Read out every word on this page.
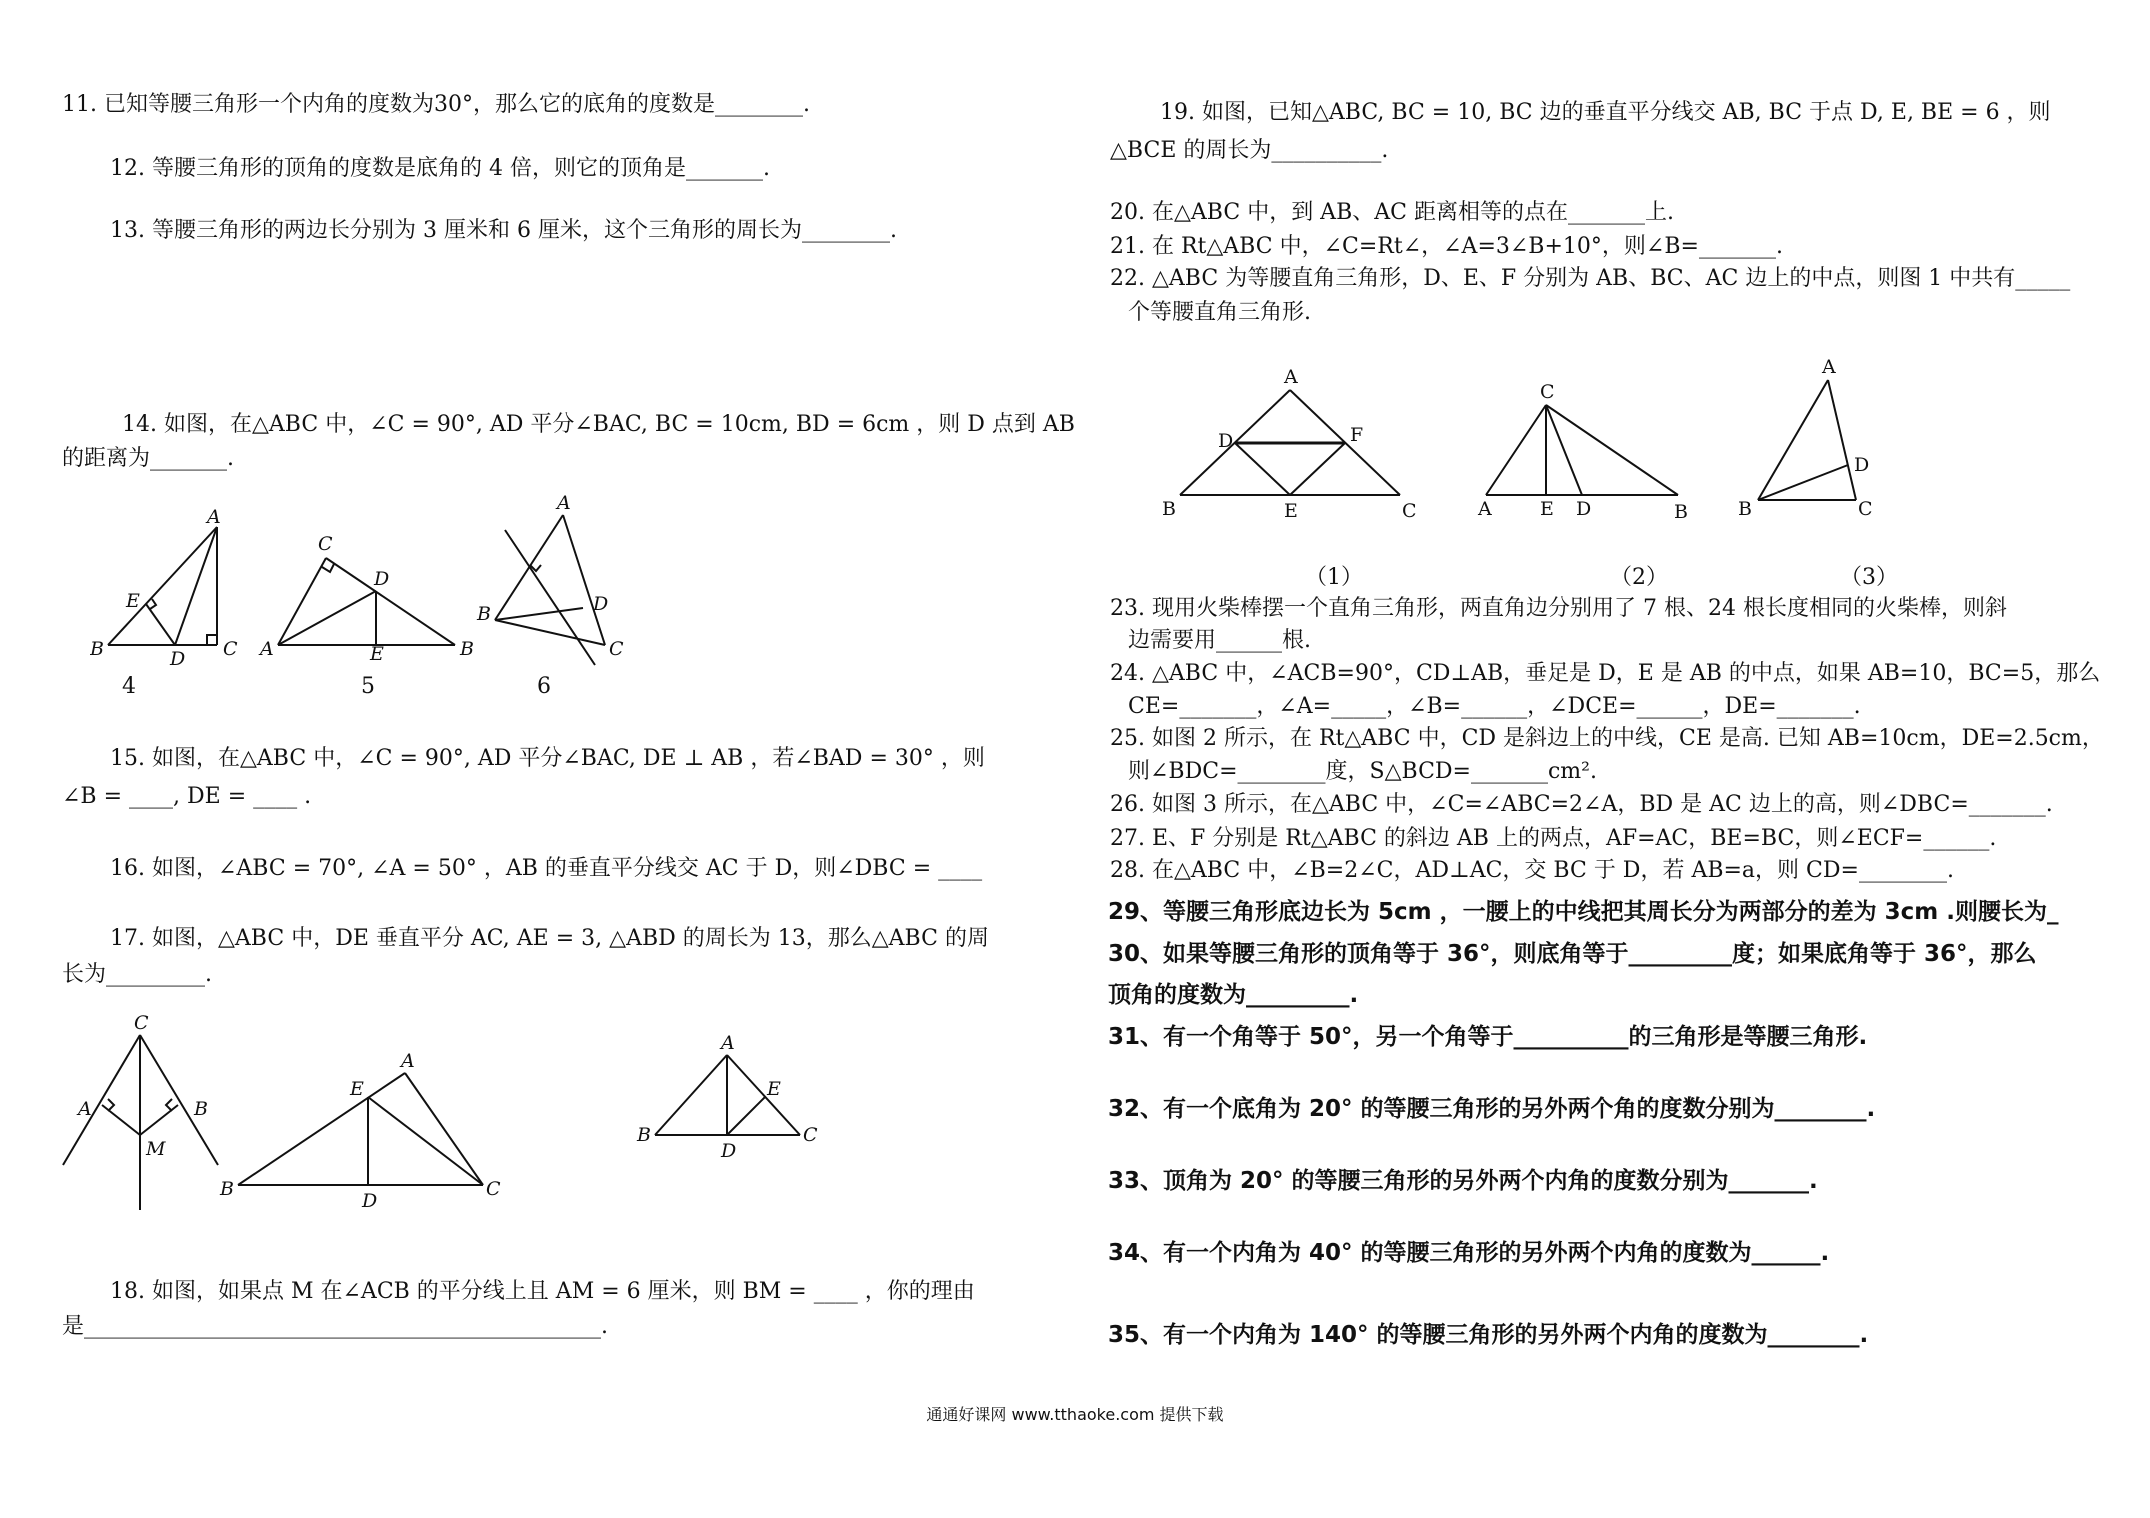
11. 已知等腰三角形一个内角的度数为30°，那么它的底角的度数是________.
12. 等腰三角形的顶角的度数是底角的 4 倍，则它的顶角是_______.
13. 等腰三角形的两边长分别为 3 厘米和 6 厘米，这个三角形的周长为________.
14. 如图，在△ABC 中，∠C = 90°, AD 平分∠BAC, BC = 10cm, BD = 6cm ，则 D 点到 AB
的距离为_______.
A
B	C
D
E
C
D
A	B
E
A
B
C
D
4	5	6
15. 如图，在△ABC 中，∠C = 90°, AD 平分∠BAC, DE ⊥ AB ，若∠BAD = 30° ，则
∠B = ____, DE = ____ .
16. 如图，∠ABC = 70°, ∠A = 50° ，AB 的垂直平分线交 AC 于 D，则∠DBC = ____
17. 如图，△ABC 中，DE 垂直平分 AC, AE = 3, △ABD 的周长为 13，那么△ABC 的周
长为_________.
C
A	B
M
A
E
B	C
D
A
B	C
D
E
18. 如图，如果点 M 在∠ACB 的平分线上且 AM = 6 厘米，则 BM = ____ ，你的理由
是_______________________________________________.
19. 如图，已知△ABC, BC = 10, BC 边的垂直平分线交 AB, BC 于点 D, E, BE = 6 ，则
△BCE 的周长为__________.
20. 在△ABC 中，到 AB、AC 距离相等的点在_______上.
21. 在 Rt△ABC 中，∠C=Rt∠，∠A=3∠B+10°，则∠B=_______.
22. △ABC 为等腰直角三角形，D、E、F 分别为 AB、BC、AC 边上的中点，则图 1 中共有_____
个等腰直角三角形.
A
D	F
B	E	C
C
A	E D	B
A
D
B	C
（1）	（2）	（3）
23. 现用火柴棒摆一个直角三角形，两直角边分别用了 7 根、24 根长度相同的火柴棒，则斜
边需要用______根.
24. △ABC 中，∠ACB=90°，CD⊥AB，垂足是 D，E 是 AB 的中点，如果 AB=10，BC=5，那么
CE=_______，∠A=_____，∠B=______，∠DCE=______，DE=_______.
25. 如图 2 所示，在 Rt△ABC 中，CD 是斜边上的中线，CE 是高. 已知 AB=10cm，DE=2.5cm，
则∠BDC=________度，S△BCD=_______cm².
26. 如图 3 所示，在△ABC 中，∠C=∠ABC=2∠A，BD 是 AC 边上的高，则∠DBC=_______.
27. E、F 分别是 Rt△ABC 的斜边 AB 上的两点，AF=AC，BE=BC，则∠ECF=______.
28. 在△ABC 中，∠B=2∠C，AD⊥AC，交 BC 于 D，若 AB=a，则 CD=________.
29、等腰三角形底边长为 5cm ，一腰上的中线把其周长分为两部分的差为 3cm .则腰长为_
30、如果等腰三角形的顶角等于 36°，则底角等于_________度；如果底角等于 36°，那么
顶角的度数为_________.
31、有一个角等于 50°，另一个角等于__________的三角形是等腰三角形.
32、有一个底角为 20° 的等腰三角形的另外两个角的度数分别为________.
33、顶角为 20° 的等腰三角形的另外两个内角的度数分别为_______.
34、有一个内角为 40° 的等腰三角形的另外两个内角的度数为______.
35、有一个内角为 140° 的等腰三角形的另外两个内角的度数为________.
通通好课网 www.tthaoke.com 提供下载
